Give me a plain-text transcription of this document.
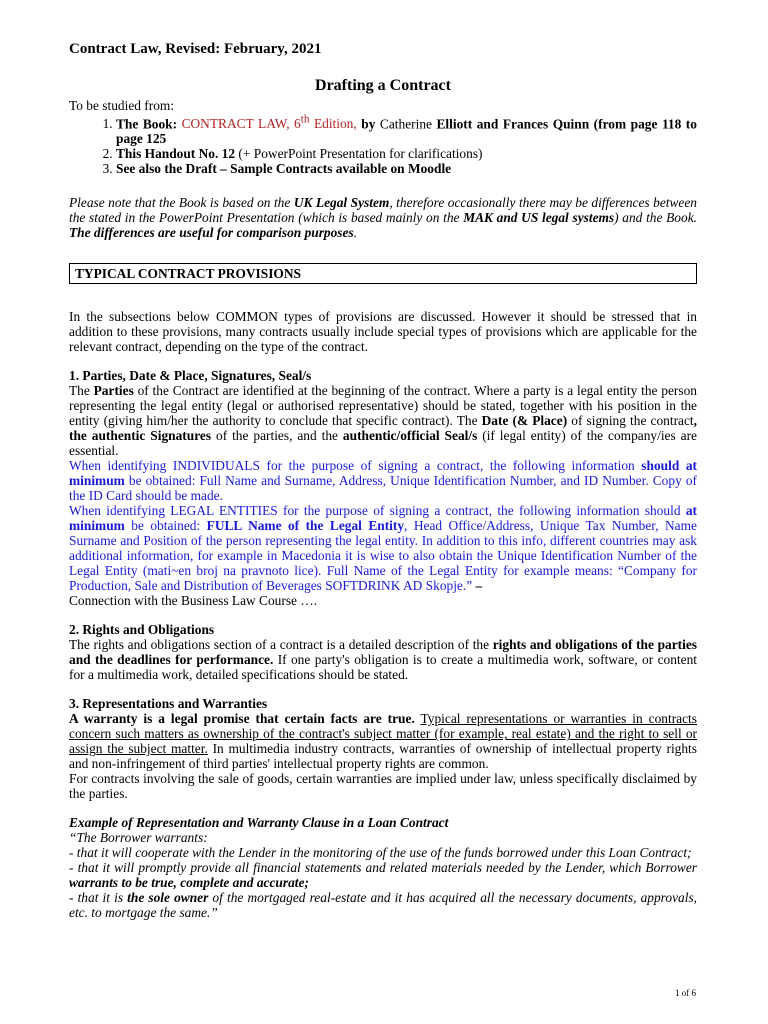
Contract Law, Revised: February, 2021

Drafting a Contract

To be studied from:

1. The Book: CONTRACT LAW, 6th Edition, by Catherine Elliott and Frances Quinn (from page 118 to page 125
2. This Handout No. 12 (+ PowerPoint Presentation for clarifications)
3. See also the Draft – Sample Contracts available on Moodle

Please note that the Book is based on the UK Legal System, therefore occasionally there may be differences between the stated in the PowerPoint Presentation (which is based mainly on the MAK and US legal systems) and the Book. The differences are useful for comparison purposes.

TYPICAL CONTRACT PROVISIONS

In the subsections below COMMON types of provisions are discussed. However it should be stressed that in addition to these provisions, many contracts usually include special types of provisions which are applicable for the relevant contract, depending on the type of the contract.

1. Parties, Date & Place, Signatures, Seal/s

The Parties of the Contract are identified at the beginning of the contract. Where a party is a legal entity the person representing the legal entity (legal or authorised representative) should be stated, together with his position in the entity (giving him/her the authority to conclude that specific contract). The Date (& Place) of signing the contract, the authentic Signatures of the parties, and the authentic/official Seal/s (if legal entity) of the company/ies are essential.

When identifying INDIVIDUALS for the purpose of signing a contract, the following information should at minimum be obtained: Full Name and Surname, Address, Unique Identification Number, and ID Number. Copy of the ID Card should be made.

When identifying LEGAL ENTITIES for the purpose of signing a contract, the following information should at minimum be obtained: FULL Name of the Legal Entity, Head Office/Address, Unique Tax Number, Name Surname and Position of the person representing the legal entity. In addition to this info, different countries may ask additional information, for example in Macedonia it is wise to also obtain the Unique Identification Number of the Legal Entity (mati~en broj na pravnoto lice). Full Name of the Legal Entity for example means: “Company for Production, Sale and Distribution of Beverages SOFTDRINK AD Skopje.” –

Connection with the Business Law Course ….

2. Rights and Obligations

The rights and obligations section of a contract is a detailed description of the rights and obligations of the parties and the deadlines for performance. If one party's obligation is to create a multimedia work, software, or content for a multimedia work, detailed specifications should be stated.

3. Representations and Warranties

A warranty is a legal promise that certain facts are true. Typical representations or warranties in contracts concern such matters as ownership of the contract's subject matter (for example, real estate) and the right to sell or assign the subject matter. In multimedia industry contracts, warranties of ownership of intellectual property rights and non-infringement of third parties' intellectual property rights are common.

For contracts involving the sale of goods, certain warranties are implied under law, unless specifically disclaimed by the parties.

Example of Representation and Warranty Clause in a Loan Contract

“The Borrower warrants:

- that it will cooperate with the Lender in the monitoring of the use of the funds borrowed under this Loan Contract;

- that it will promptly provide all financial statements and related materials needed by the Lender, which Borrower warrants to be true, complete and accurate;

- that it is the sole owner of the mortgaged real-estate and it has acquired all the necessary documents, approvals, etc. to mortgage the same.”

1 of 6
